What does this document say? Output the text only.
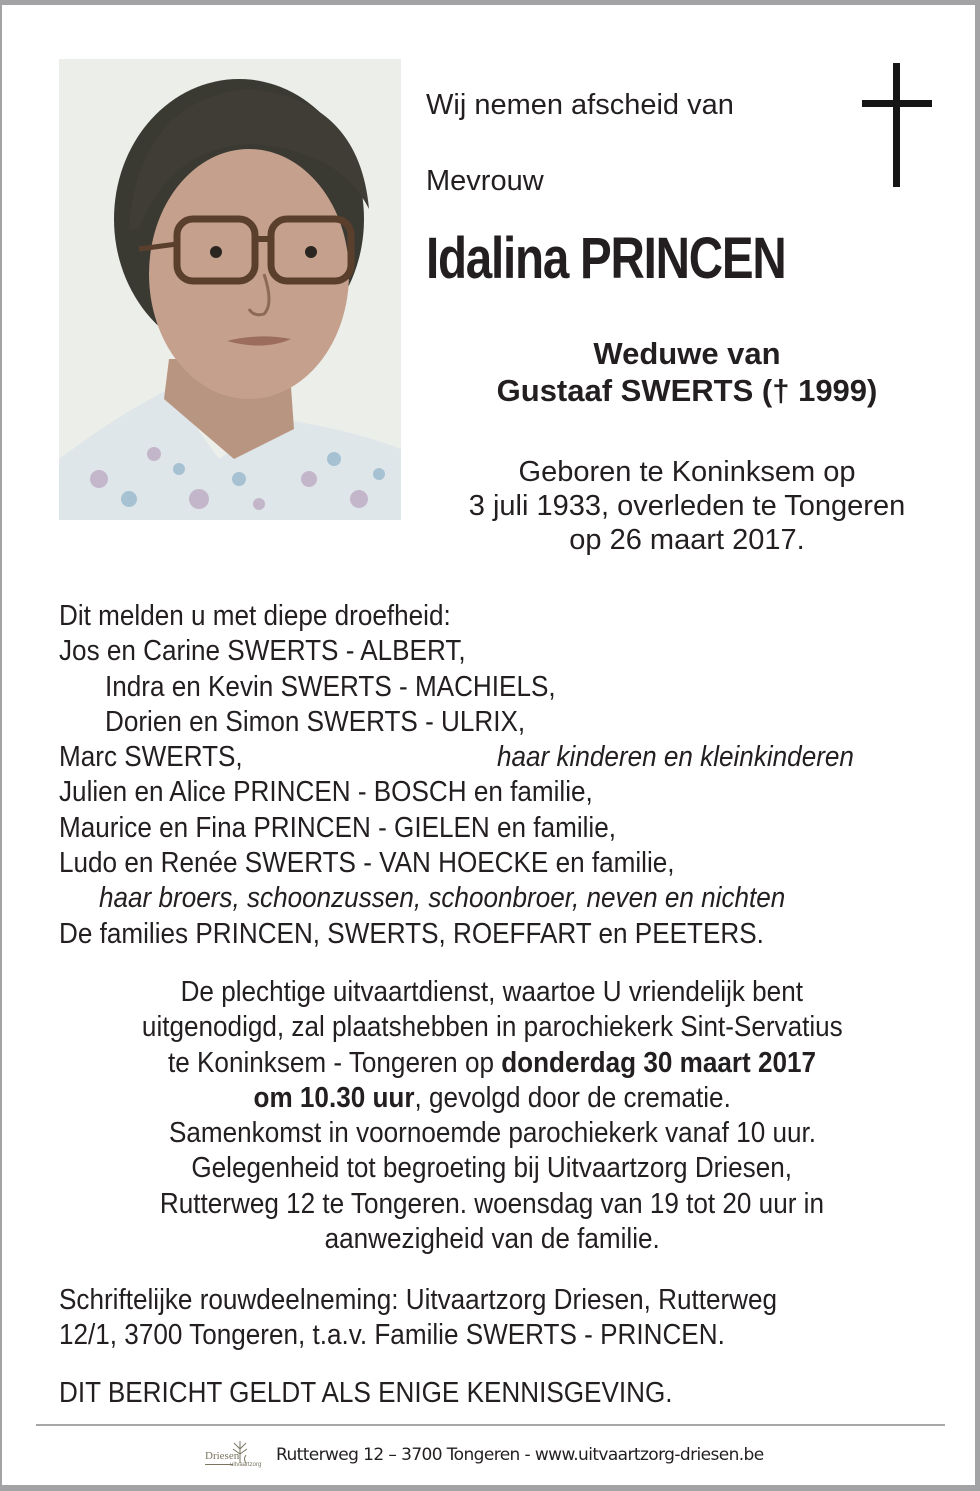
Wij nemen afscheid van
Mevrouw
Idalina PRINCEN
Weduwe van
Gustaaf SWERTS († 1999)
Geboren te Koninksem op
3 juli 1933, overleden te Tongeren
op 26 maart 2017.
Dit melden u met diepe droefheid:
Jos en Carine SWERTS - ALBERT,
Indra en Kevin SWERTS - MACHIELS,
Dorien en Simon SWERTS - ULRIX,
Marc SWERTS,	haar kinderen en kleinkinderen
Julien en Alice PRINCEN - BOSCH en familie,
Maurice en Fina PRINCEN - GIELEN en familie,
Ludo en Renée SWERTS - VAN HOECKE en familie,
haar broers, schoonzussen, schoonbroer, neven en nichten
De families PRINCEN, SWERTS, ROEFFART en PEETERS.
De plechtige uitvaartdienst, waartoe U vriendelijk bent
uitgenodigd, zal plaatshebben in parochiekerk Sint-Servatius
te Koninksem - Tongeren op donderdag 30 maart 2017
om 10.30 uur, gevolgd door de crematie.
Samenkomst in voornoemde parochiekerk vanaf 10 uur.
Gelegenheid tot begroeting bij Uitvaartzorg Driesen,
Rutterweg 12 te Tongeren. woensdag van 19 tot 20 uur in
aanwezigheid van de familie.
Schriftelijke rouwdeelneming: Uitvaartzorg Driesen, Rutterweg
12/1, 3700 Tongeren, t.a.v. Familie SWERTS - PRINCEN.
DIT BERICHT GELDT ALS ENIGE KENNISGEVING.
Driesen
uitvaartzorg Rutterweg 12 – 3700 Tongeren - www.uitvaartzorg-driesen.be
